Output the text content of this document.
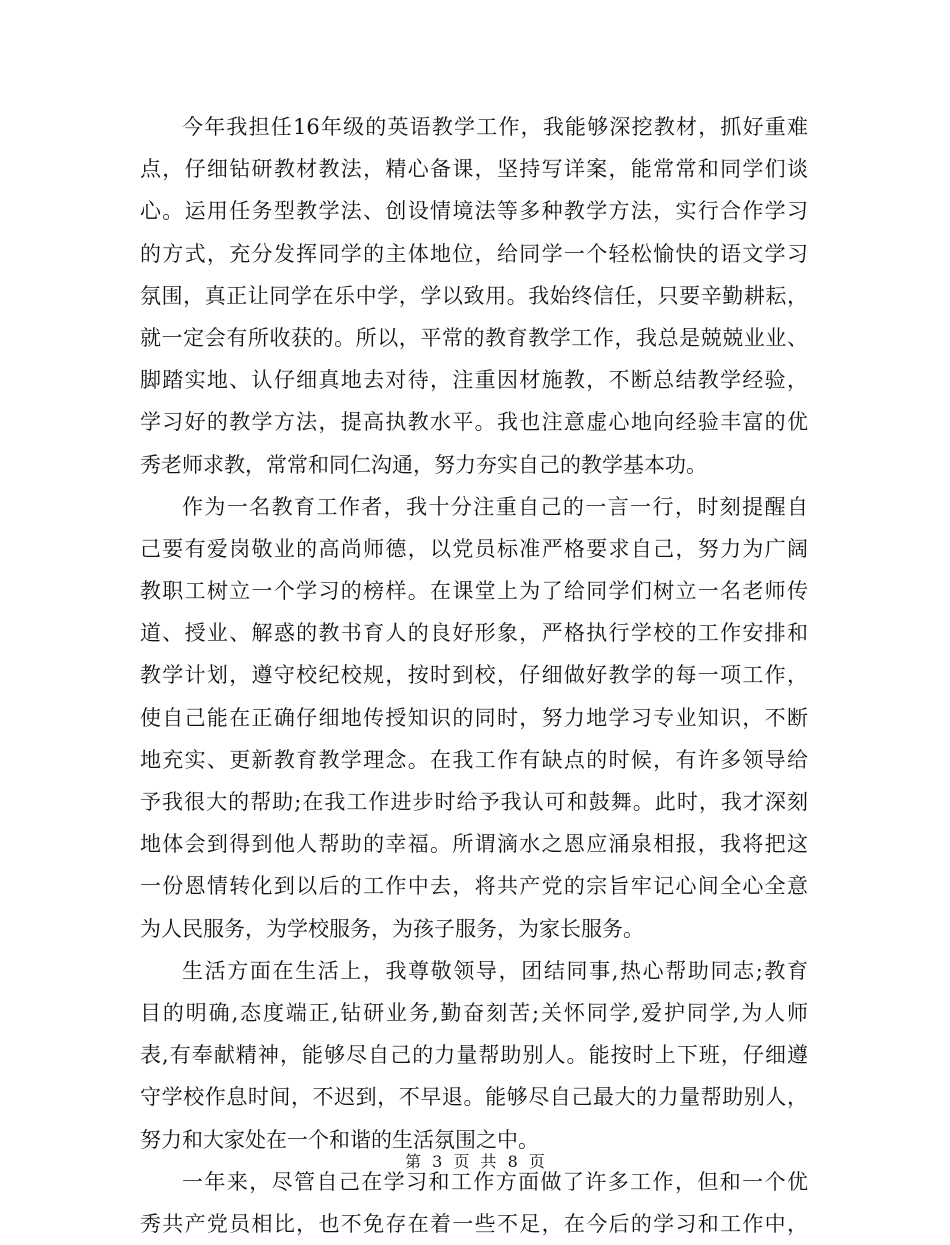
今年我担任16年级的英语教学工作，我能够深挖教材，抓好重难
点，仔细钻研教材教法，精心备课，坚持写详案，能常常和同学们谈
心。运用任务型教学法、创设情境法等多种教学方法，实行合作学习
的方式，充分发挥同学的主体地位，给同学一个轻松愉快的语文学习
氛围，真正让同学在乐中学，学以致用。我始终信任，只要辛勤耕耘，
就一定会有所收获的。所以，平常的教育教学工作，我总是兢兢业业、
脚踏实地、认仔细真地去对待，注重因材施教，不断总结教学经验，
学习好的教学方法，提高执教水平。我也注意虚心地向经验丰富的优
秀老师求教，常常和同仁沟通，努力夯实自己的教学基本功。
作为一名教育工作者，我十分注重自己的一言一行，时刻提醒自
己要有爱岗敬业的高尚师德，以党员标准严格要求自己，努力为广阔
教职工树立一个学习的榜样。在课堂上为了给同学们树立一名老师传
道、授业、解惑的教书育人的良好形象，严格执行学校的工作安排和
教学计划，遵守校纪校规，按时到校，仔细做好教学的每一项工作，
使自己能在正确仔细地传授知识的同时，努力地学习专业知识，不断
地充实、更新教育教学理念。在我工作有缺点的时候，有许多领导给
予我很大的帮助;在我工作进步时给予我认可和鼓舞。此时，我才深刻
地体会到得到他人帮助的幸福。所谓滴水之恩应涌泉相报，我将把这
一份恩情转化到以后的工作中去，将共产党的宗旨牢记心间全心全意
为人民服务，为学校服务，为孩子服务，为家长服务。
生活方面在生活上，我尊敬领导，团结同事,热心帮助同志;教育
目的明确,态度端正,钻研业务,勤奋刻苦;关怀同学,爱护同学,为人师
表,有奉献精神，能够尽自己的力量帮助别人。能按时上下班，仔细遵
守学校作息时间，不迟到，不早退。能够尽自己最大的力量帮助别人，
努力和大家处在一个和谐的生活氛围之中。
一年来，尽管自己在学习和工作方面做了许多工作，但和一个优
秀共产党员相比，也不免存在着一些不足，在今后的学习和工作中，
第 3 页 共 8 页
